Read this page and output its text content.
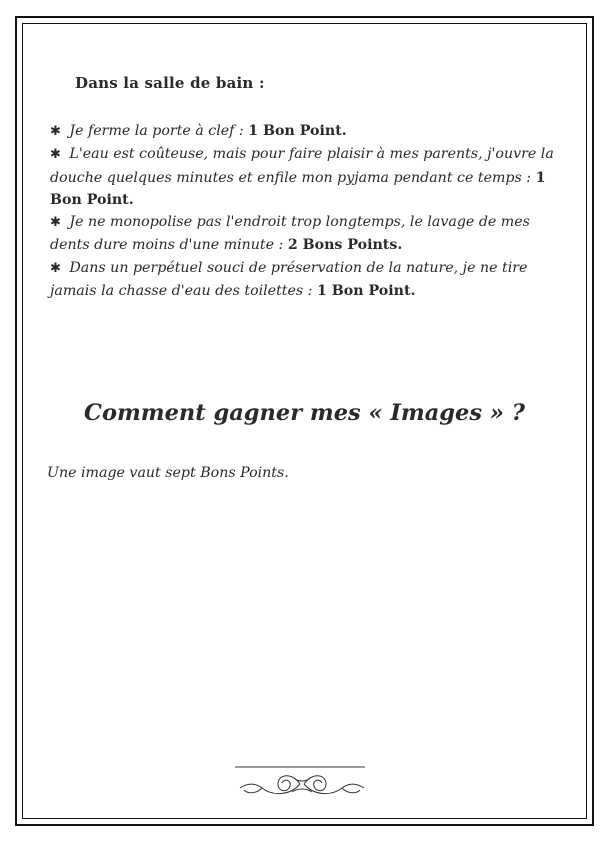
Dans la salle de bain :

✱ Je ferme la porte à clef : 1 Bon Point.

✱ L'eau est coûteuse, mais pour faire plaisir à mes parents, j'ouvre la douche quelques minutes et enfile mon pyjama pendant ce temps : 1 Bon Point.

✱ Je ne monopolise pas l'endroit trop longtemps, le lavage de mes dents dure moins d'une minute : 2 Bons Points.

✱ Dans un perpétuel souci de préservation de la nature, je ne tire jamais la chasse d'eau des toilettes : 1 Bon Point.

Comment gagner mes « Images » ?

Une image vaut sept Bons Points.
